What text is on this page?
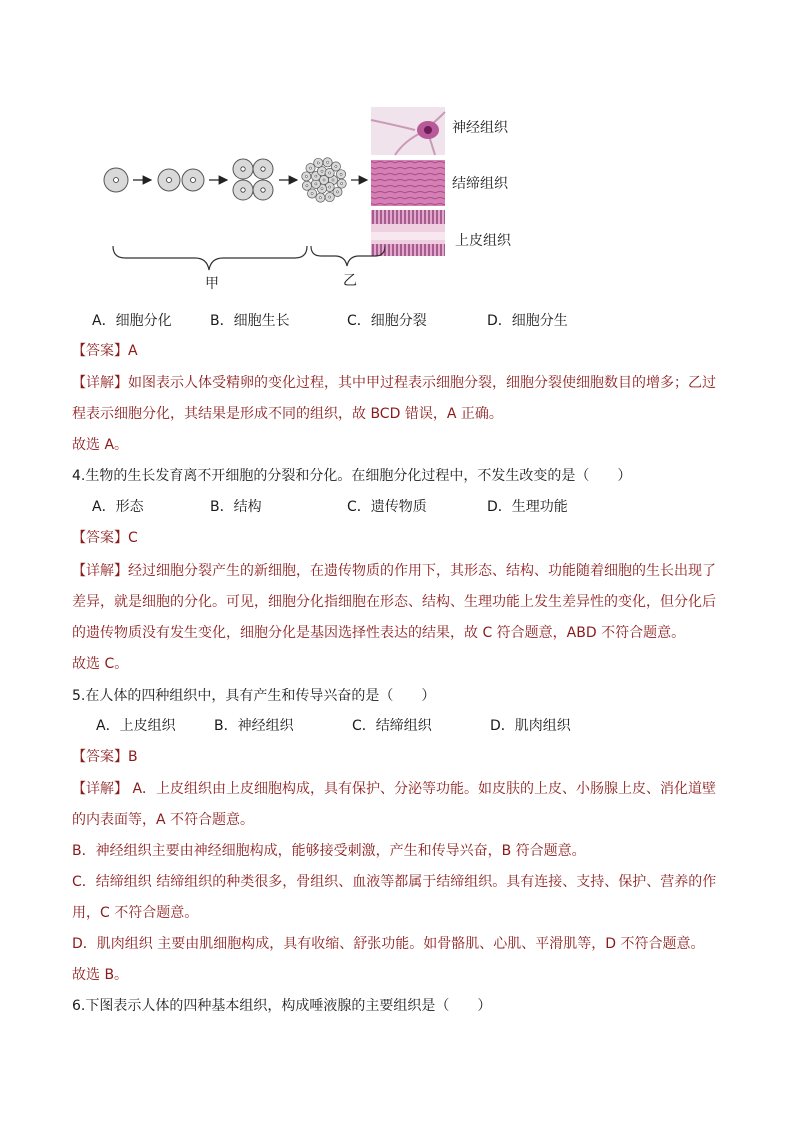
神经组织
结缔组织
上皮组织
甲	乙
A．细胞分化	B．细胞生长	C．细胞分裂	D．细胞分生
【答案】A
【详解】如图表示人体受精卵的变化过程，其中甲过程表示细胞分裂，细胞分裂使细胞数目的增多；乙过
程表示细胞分化，其结果是形成不同的组织，故 BCD 错误，A 正确。
故选 A。
4.生物的生长发育离不开细胞的分裂和分化。在细胞分化过程中，不发生改变的是（　　）
A．形态	B．结构	C．遗传物质	D．生理功能
【答案】C
【详解】经过细胞分裂产生的新细胞，在遗传物质的作用下，其形态、结构、功能随着细胞的生长出现了
差异，就是细胞的分化。可见，细胞分化指细胞在形态、结构、生理功能上发生差异性的变化，但分化后
的遗传物质没有发生变化，细胞分化是基因选择性表达的结果，故 C 符合题意，ABD 不符合题意。
故选 C。
5.在人体的四种组织中，具有产生和传导兴奋的是（　　）
A．上皮组织	B．神经组织	C．结缔组织	D．肌肉组织
【答案】B
【详解】 A．上皮组织由上皮细胞构成，具有保护、分泌等功能。如皮肤的上皮、小肠腺上皮、消化道壁
的内表面等，A 不符合题意。
B．神经组织主要由神经细胞构成，能够接受刺激，产生和传导兴奋，B 符合题意。
C．结缔组织 结缔组织的种类很多，骨组织、血液等都属于结缔组织。具有连接、支持、保护、营养的作
用，C 不符合题意。
D．肌肉组织 主要由肌细胞构成，具有收缩、舒张功能。如骨骼肌、心肌、平滑肌等，D 不符合题意。
故选 B。
6.下图表示人体的四种基本组织，构成唾液腺的主要组织是（　　）
